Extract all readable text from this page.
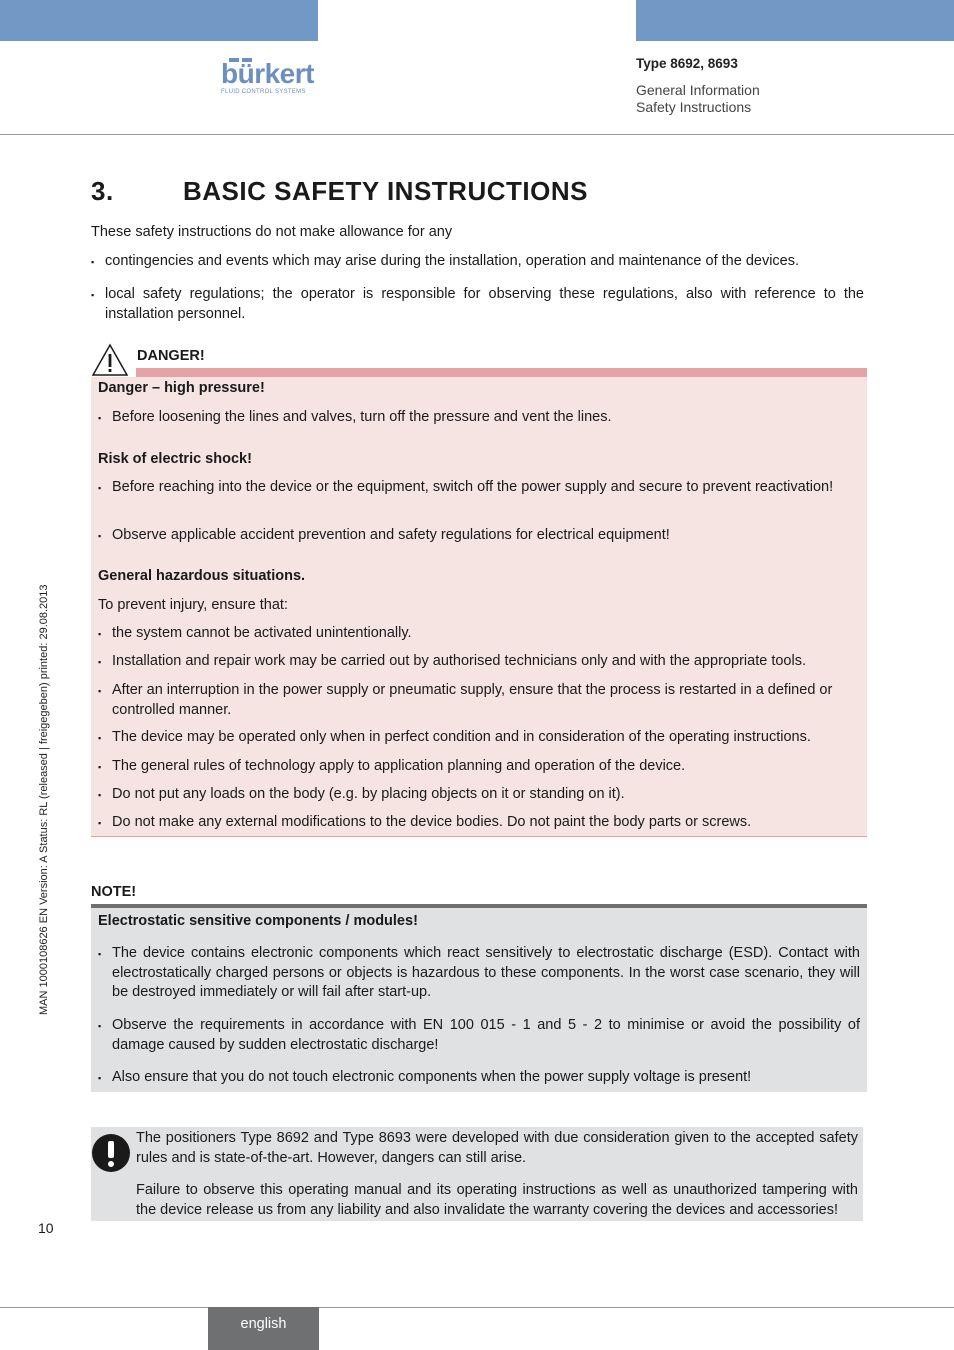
bürkert
FLUID CONTROL SYSTEMS
Type 8692, 8693
General Information
Safety Instructions
MAN 1000108626 EN Version: A Status: RL (released | freigegeben) printed: 29.08.2013
3.	BASIC SAFETY INSTRUCTIONS
These safety instructions do not make allowance for any
▪ contingencies and events which may arise during the installation, operation and maintenance of the devices.
▪ local safety regulations; the operator is responsible for observing these regulations, also with reference to the installation personnel.
DANGER!
Danger – high pressure!
▪ Before loosening the lines and valves, turn off the pressure and vent the lines.
Risk of electric shock!
▪ Before reaching into the device or the equipment, switch off the power supply and secure to prevent reactivation!
▪ Observe applicable accident prevention and safety regulations for electrical equipment!
General hazardous situations.
To prevent injury, ensure that:
▪ the system cannot be activated unintentionally.
▪ Installation and repair work may be carried out by authorised technicians only and with the appropriate tools.
▪ After an interruption in the power supply or pneumatic supply, ensure that the process is restarted in a defined or controlled manner.
▪ The device may be operated only when in perfect condition and in consideration of the operating instructions.
▪ The general rules of technology apply to application planning and operation of the device.
▪ Do not put any loads on the body (e.g. by placing objects on it or standing on it).
▪ Do not make any external modifications to the device bodies. Do not paint the body parts or screws.
NOTE!
Electrostatic sensitive components / modules!
▪ The device contains electronic components which react sensitively to electrostatic discharge (ESD). Contact with electrostatically charged persons or objects is hazardous to these components. In the worst case scenario, they will be destroyed immediately or will fail after start-up.
▪ Observe the requirements in accordance with EN 100 015 - 1 and 5 - 2 to minimise or avoid the possibility of damage caused by sudden electrostatic discharge!
▪ Also ensure that you do not touch electronic components when the power supply voltage is present!
The positioners Type 8692 and Type 8693 were developed with due consideration given to the accepted safety rules and is state-of-the-art. However, dangers can still arise.
Failure to observe this operating manual and its operating instructions as well as unauthorized tampering with the device release us from any liability and also invalidate the warranty covering the devices and accessories!
10
english
